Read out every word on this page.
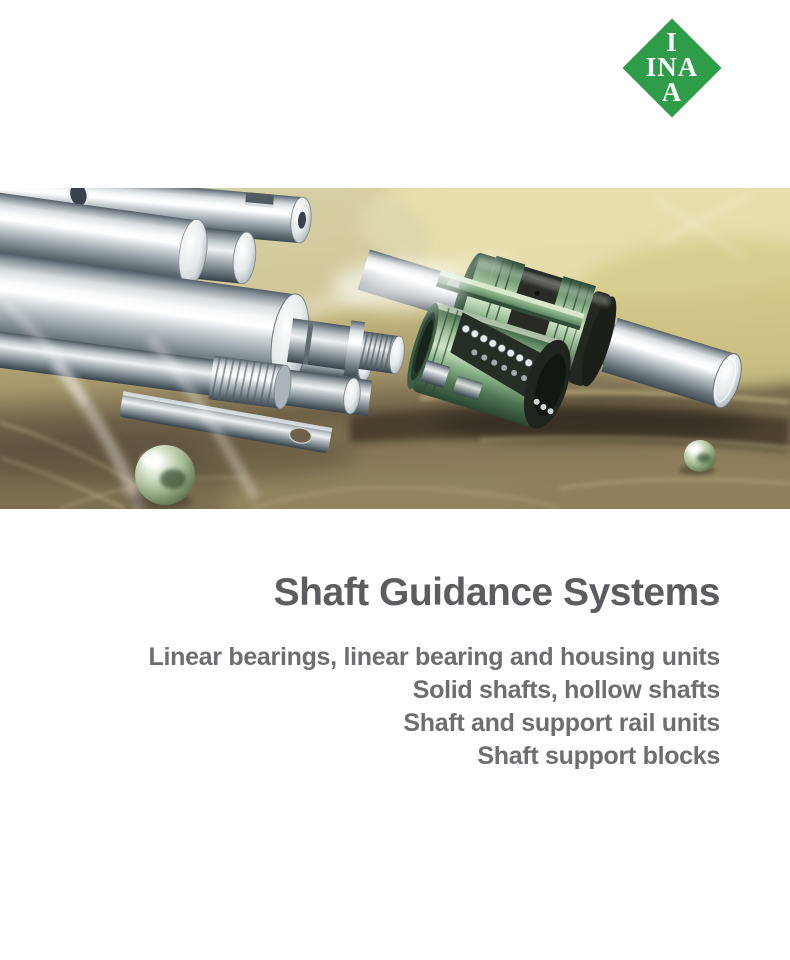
I
INA
A
Shaft Guidance Systems
Linear bearings, linear bearing and housing units
Solid shafts, hollow shafts
Shaft and support rail units
Shaft support blocks
